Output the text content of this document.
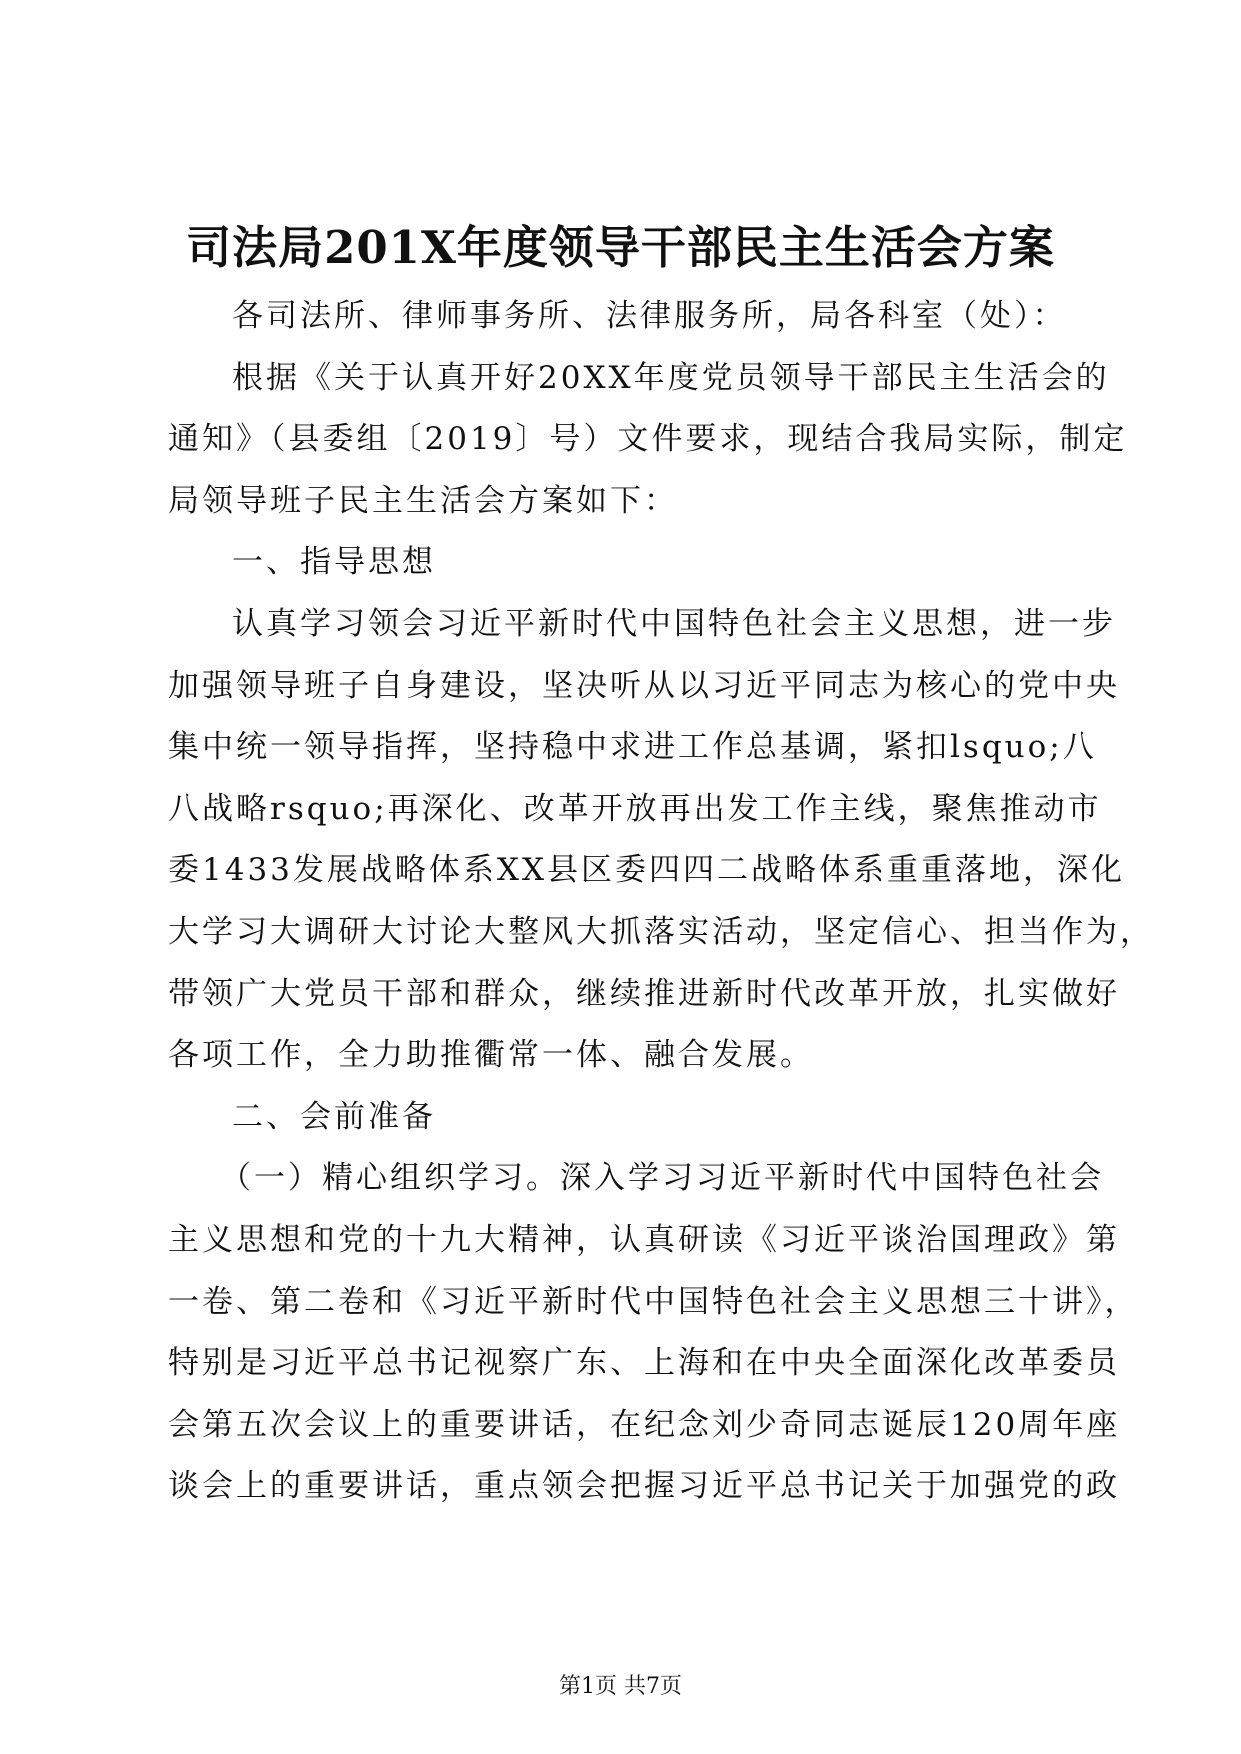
司法局201X年度领导干部民主生活会方案
各司法所、律师事务所、法律服务所，局各科室（处）：
根据《关于认真开好20XX年度党员领导干部民主生活会的
通知》（县委组〔2019〕号）文件要求，现结合我局实际，制定
局领导班子民主生活会方案如下：
一、指导思想
认真学习领会习近平新时代中国特色社会主义思想，进一步
加强领导班子自身建设，坚决听从以习近平同志为核心的党中央
集中统一领导指挥，坚持稳中求进工作总基调，紧扣lsquo;八
八战略rsquo;再深化、改革开放再出发工作主线，聚焦推动市
委1433发展战略体系XX县区委四四二战略体系重重落地，深化
大学习大调研大讨论大整风大抓落实活动，坚定信心、担当作为，
带领广大党员干部和群众，继续推进新时代改革开放，扎实做好
各项工作，全力助推衢常一体、融合发展。
二、会前准备
（一）精心组织学习。深入学习习近平新时代中国特色社会
主义思想和党的十九大精神，认真研读《习近平谈治国理政》第
一卷、第二卷和《习近平新时代中国特色社会主义思想三十讲》，
特别是习近平总书记视察广东、上海和在中央全面深化改革委员
会第五次会议上的重要讲话，在纪念刘少奇同志诞辰120周年座
谈会上的重要讲话，重点领会把握习近平总书记关于加强党的政
第1页 共7页
